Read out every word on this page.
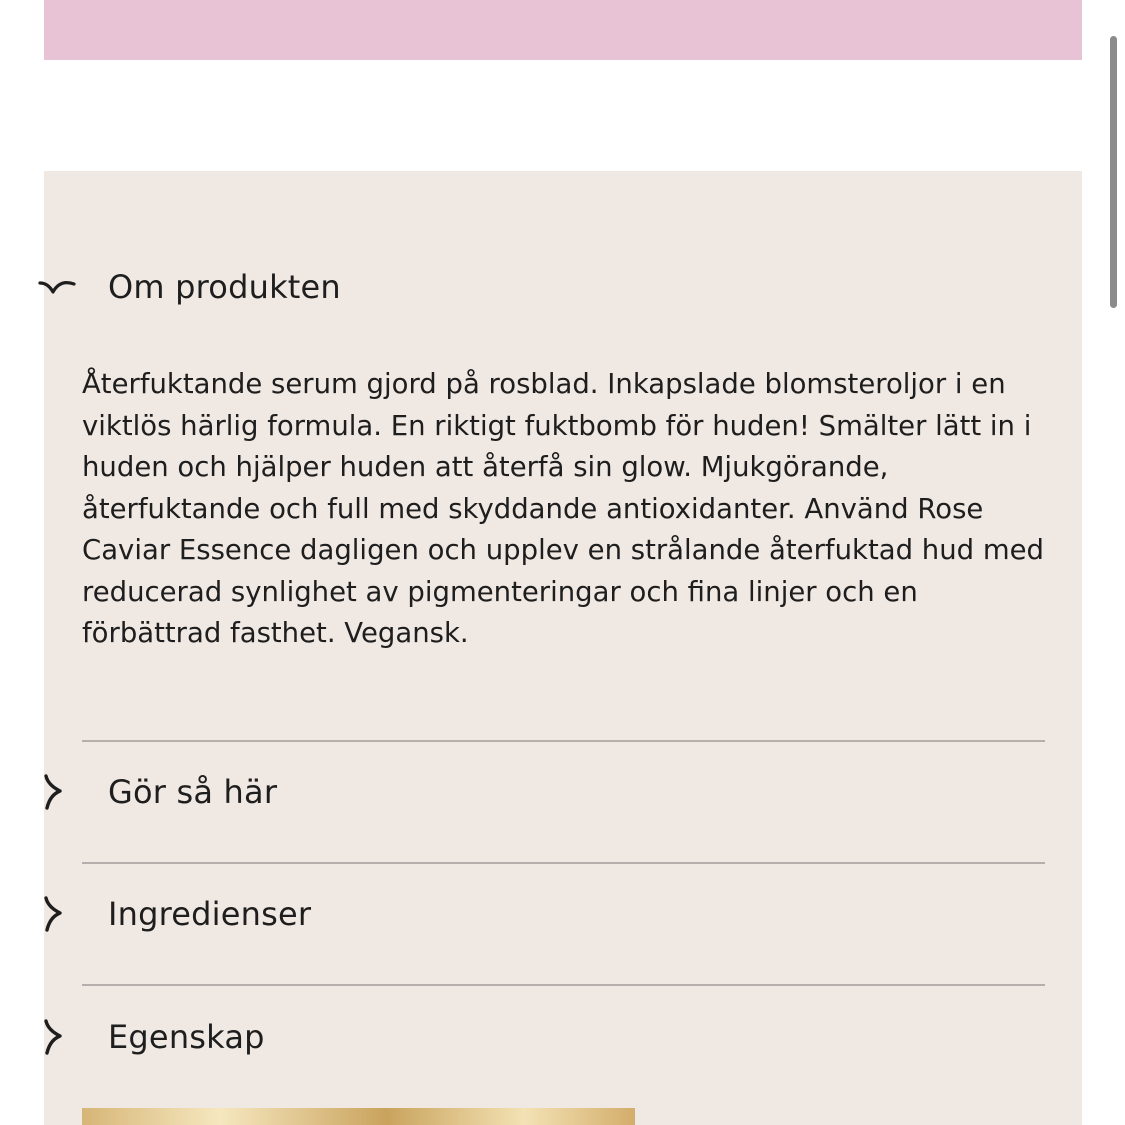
Om produkten

Återfuktande serum gjord på rosblad. Inkapslade blomsteroljor i en viktlös härlig formula. En riktigt fuktbomb för huden! Smälter lätt in i huden och hjälper huden att återfå sin glow. Mjukgörande, återfuktande och full med skyddande antioxidanter. Använd Rose Caviar Essence dagligen och upplev en strålande återfuktad hud med reducerad synlighet av pigmenteringar och fina linjer och en förbättrad fasthet. Vegansk.

Gör så här
Ingredienser
Egenskap
